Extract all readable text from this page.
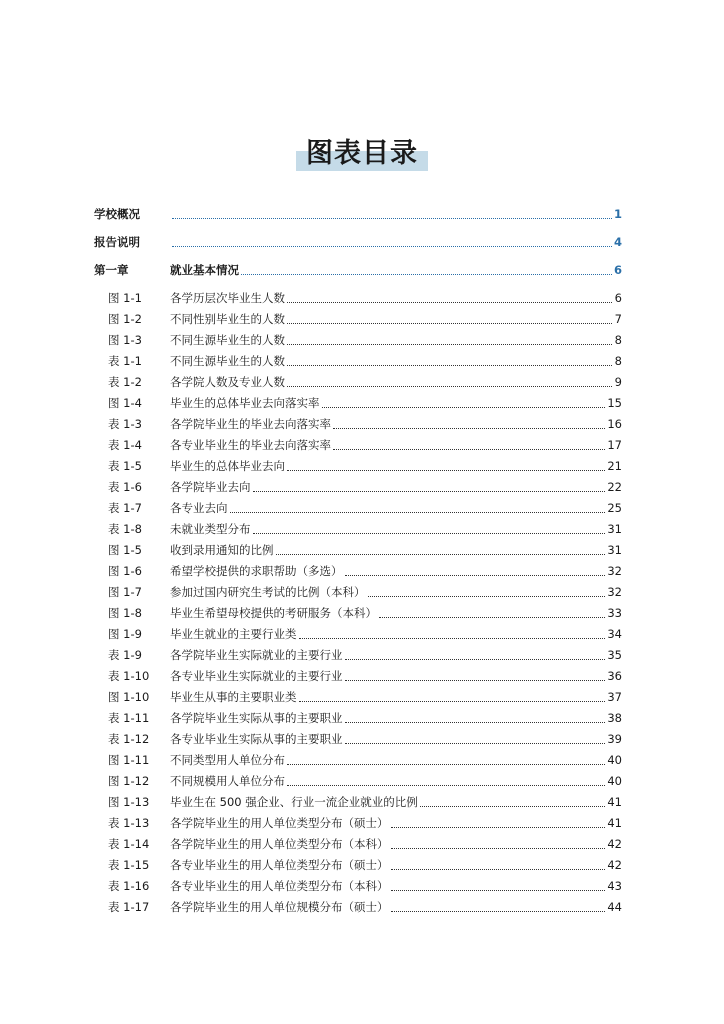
图表目录
学校概况	1
报告说明	4
第一章	就业基本情况	6
图 1-1	各学历层次毕业生人数	6
图 1-2	不同性别毕业生的人数	7
图 1-3	不同生源毕业生的人数	8
表 1-1	不同生源毕业生的人数	8
表 1-2	各学院人数及专业人数	9
图 1-4	毕业生的总体毕业去向落实率	15
表 1-3	各学院毕业生的毕业去向落实率	16
表 1-4	各专业毕业生的毕业去向落实率	17
表 1-5	毕业生的总体毕业去向	21
表 1-6	各学院毕业去向	22
表 1-7	各专业去向	25
表 1-8	未就业类型分布	31
图 1-5	收到录用通知的比例	31
图 1-6	希望学校提供的求职帮助（多选）	32
图 1-7	参加过国内研究生考试的比例（本科）	32
图 1-8	毕业生希望母校提供的考研服务（本科）	33
图 1-9	毕业生就业的主要行业类	34
表 1-9	各学院毕业生实际就业的主要行业	35
表 1-10	各专业毕业生实际就业的主要行业	36
图 1-10	毕业生从事的主要职业类	37
表 1-11	各学院毕业生实际从事的主要职业	38
表 1-12	各专业毕业生实际从事的主要职业	39
图 1-11	不同类型用人单位分布	40
图 1-12	不同规模用人单位分布	40
图 1-13	毕业生在 500 强企业、行业一流企业就业的比例	41
表 1-13	各学院毕业生的用人单位类型分布（硕士）	41
表 1-14	各学院毕业生的用人单位类型分布（本科）	42
表 1-15	各专业毕业生的用人单位类型分布（硕士）	42
表 1-16	各专业毕业生的用人单位类型分布（本科）	43
表 1-17	各学院毕业生的用人单位规模分布（硕士）	44
